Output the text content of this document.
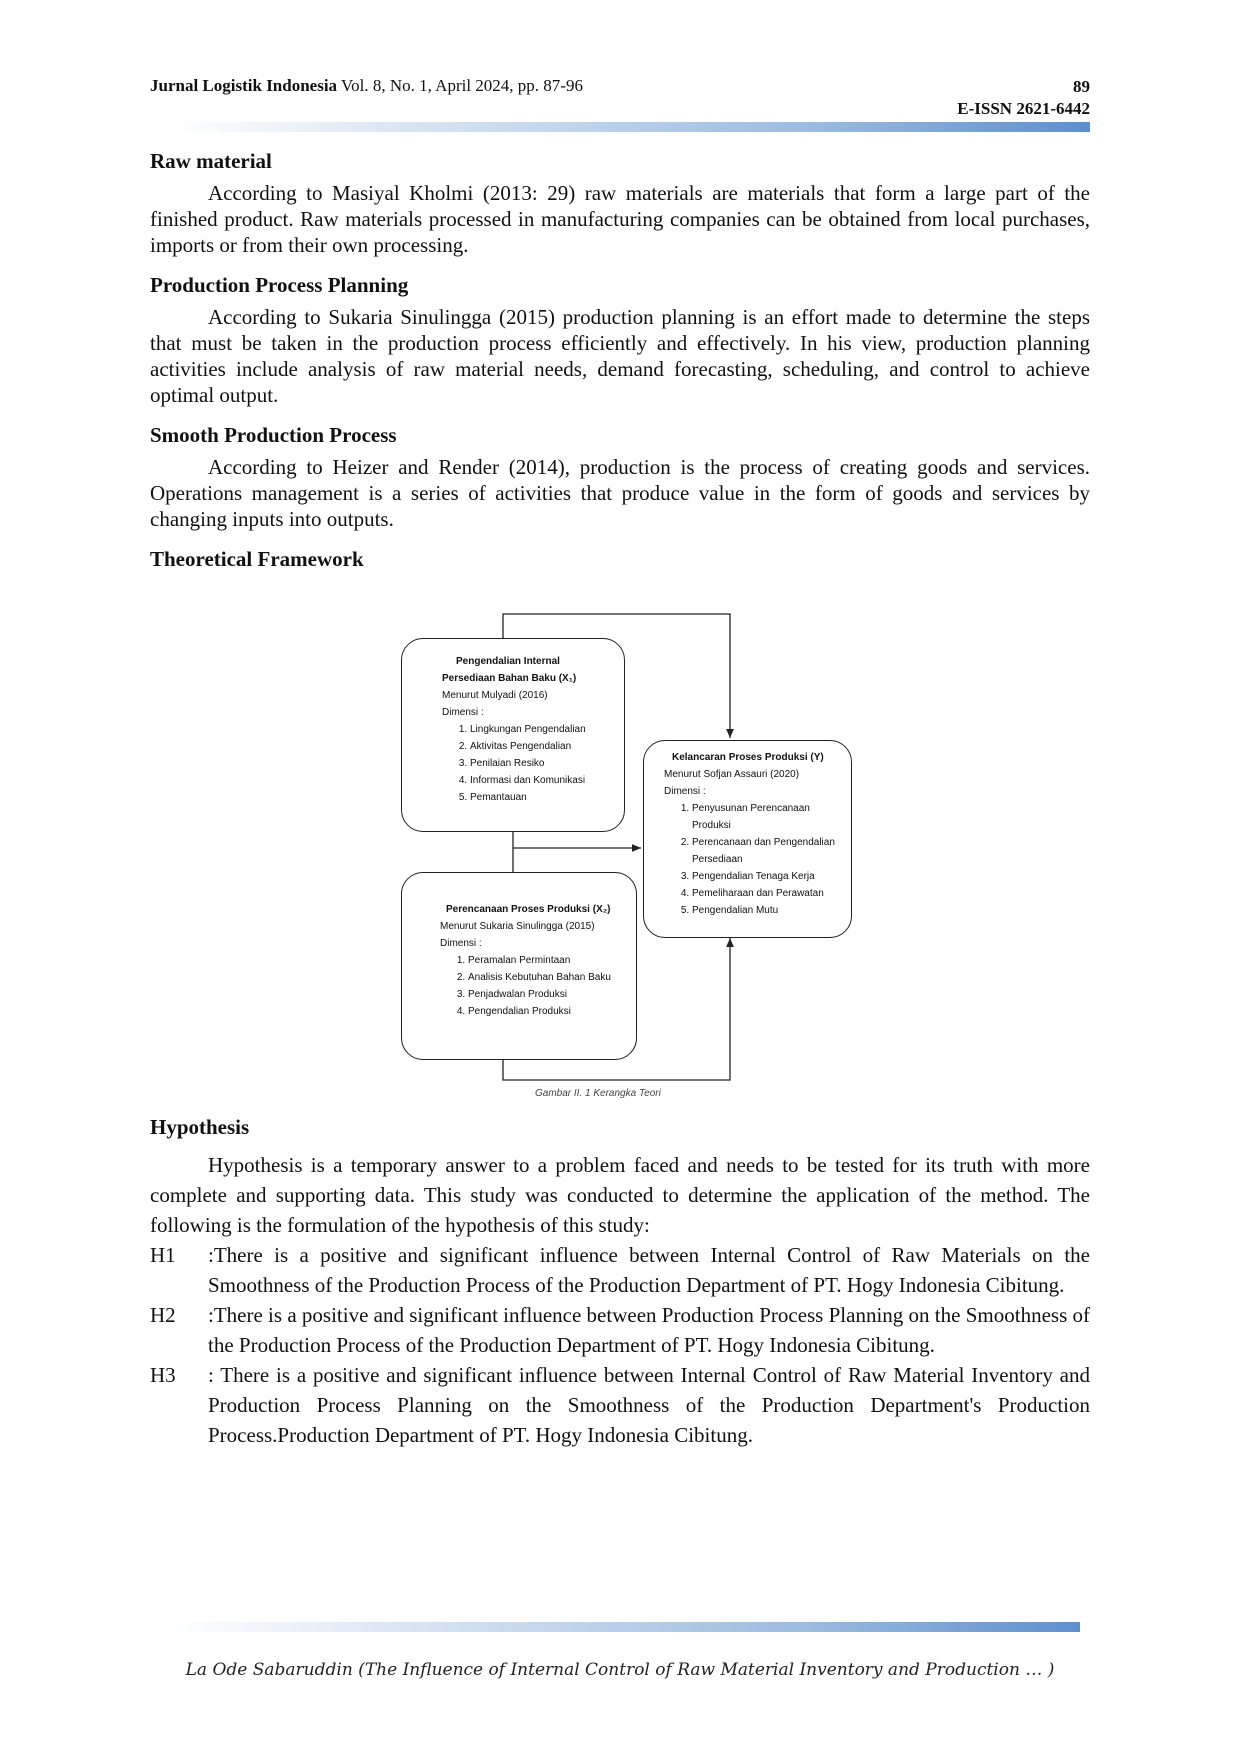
Jurnal Logistik Indonesia Vol. 8, No. 1, April 2024, pp. 87-96	89
E-ISSN 2621-6442
Raw material

According to Masiyal Kholmi (2013: 29) raw materials are materials that form a large part of the finished product. Raw materials processed in manufacturing companies can be obtained from local purchases, imports or from their own processing.

Production Process Planning

According to Sukaria Sinulingga (2015) production planning is an effort made to determine the steps that must be taken in the production process efficiently and effectively. In his view, production planning activities include analysis of raw material needs, demand forecasting, scheduling, and control to achieve optimal output.

Smooth Production Process

According to Heizer and Render (2014), production is the process of creating goods and services. Operations management is a series of activities that produce value in the form of goods and services by changing inputs into outputs.

Theoretical Framework
Pengendalian Internal
Persediaan Bahan Baku (X₁)
Menurut Mulyadi (2016)
Dimensi :
1. Lingkungan Pengendalian
2. Aktivitas Pengendalian
3. Penilaian Resiko
4. Informasi dan Komunikasi
5. Pemantauan
Kelancaran Proses Produksi (Y)
Menurut Sofjan Assauri (2020)
Dimensi :
1. Penyusunan Perencanaan Produksi
2. Perencanaan dan Pengendalian Persediaan
3. Pengendalian Tenaga Kerja
4. Pemeliharaan dan Perawatan
5. Pengendalian Mutu
Perencanaan Proses Produksi (X₂)
Menurut Sukaria Sinulingga (2015)
Dimensi :
1. Peramalan Permintaan
2. Analisis Kebutuhan Bahan Baku
3. Penjadwalan Produksi
4. Pengendalian Produksi
Gambar II. 1 Kerangka Teori
Hypothesis

Hypothesis is a temporary answer to a problem faced and needs to be tested for its truth with more complete and supporting data. This study was conducted to determine the application of the method. The following is the formulation of the hypothesis of this study:

H1	:There is a positive and significant influence between Internal Control of Raw Materials on the Smoothness of the Production Process of the Production Department of PT. Hogy Indonesia Cibitung.
H2	:There is a positive and significant influence between Production Process Planning on the Smoothness of the Production Process of the Production Department of PT. Hogy Indonesia Cibitung.
H3	: There is a positive and significant influence between Internal Control of Raw Material Inventory and Production Process Planning on the Smoothness of the Production Department's Production Process.Production Department of PT. Hogy Indonesia Cibitung.
La Ode Sabaruddin (The Influence of Internal Control of Raw Material Inventory and Production … )
